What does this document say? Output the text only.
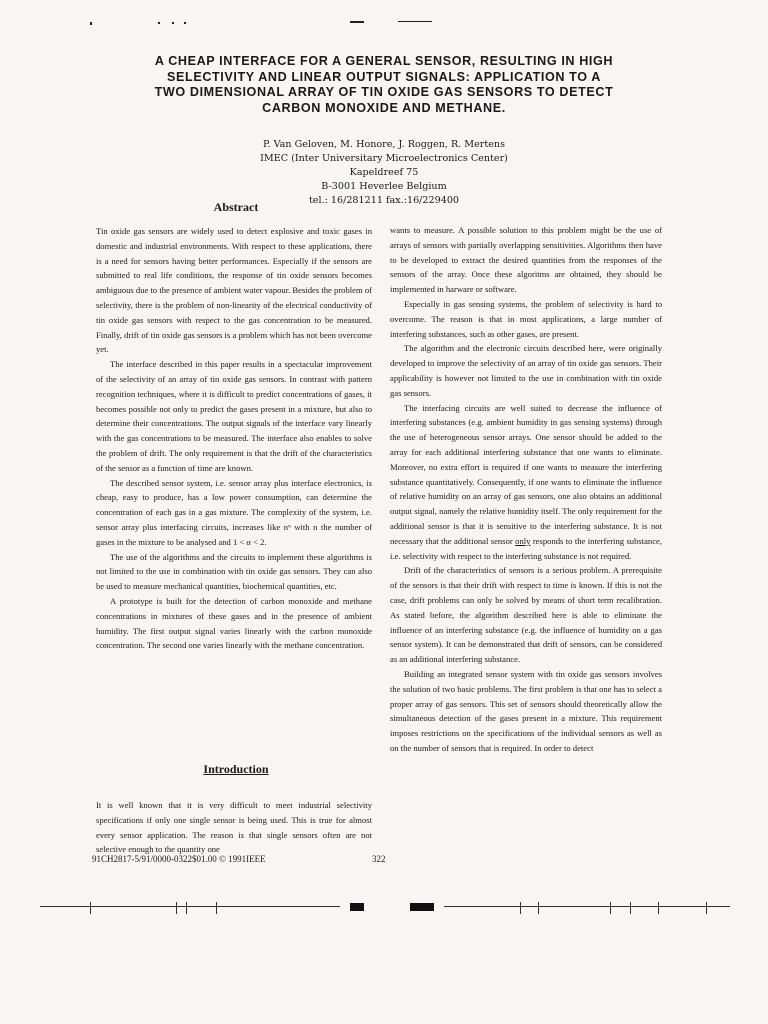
A CHEAP INTERFACE FOR A GENERAL SENSOR, RESULTING IN HIGH SELECTIVITY AND LINEAR OUTPUT SIGNALS: APPLICATION TO A TWO DIMENSIONAL ARRAY OF TIN OXIDE GAS SENSORS TO DETECT CARBON MONOXIDE AND METHANE.
P. Van Geloven, M. Honore, J. Roggen, R. Mertens
IMEC (Inter Universitary Microelectronics Center)
Kapeldreef 75
B-3001 Heverlee Belgium
tel.: 16/281211 fax.:16/229400
Abstract

Tin oxide gas sensors are widely used to detect explosive and toxic gases in domestic and industrial environments. With respect to these applications, there is a need for sensors having better performances. Especially if the sensors are submitted to real life conditions, the response of tin oxide sensors becomes ambiguous due to the presence of ambient water vapour. Besides the problem of selectivity, there is the problem of non-linearity of the electrical conductivity of tin oxide gas sensors with respect to the gas concentration to be measured. Finally, drift of tin oxide gas sensors is a problem which has not been overcome yet.

The interface described in this paper results in a spectacular improvement of the selectivity of an array of tin oxide gas sensors. In contrast with pattern recognition techniques, where it is difficult to predict concentrations of gases, it becomes possible not only to predict the gases present in a mixture, but also to determine their concentrations. The output signals of the interface vary linearly with the gas concentrations to be measured. The interface also enables to solve the problem of drift. The only requirement is that the drift of the characteristics of the sensor as a function of time are known.

The described sensor system, i.e. sensor array plus interface electronics, is cheap, easy to produce, has a low power consumption, can determine the concentration of each gas in a gas mixture. The complexity of the system, i.e. sensor array plus interfacing circuits, increases like nᵅ with n the number of gases in the mixture to be analysed and 1 < α < 2.

The use of the algorithms and the circuits to implement these algorithms is not limited to the use in combination with tin oxide gas sensors. They can also be used to measure mechanical quantities, biochemical quantities, etc.

A prototype is built for the detection of carbon monoxide and methane concentrations in mixtures of these gases and in the presence of ambient humidity. The first output signal varies linearly with the carbon monoxide concentration. The second one varies linearly with the methane concentration.

Introduction

It is well known that it is very difficult to meet industrial selectivity specifications if only one single sensor is being used. This is true for almost every sensor application. The reason is that single sensors often are not selective enough to the quantity one

wants to measure. A possible solution to this problem might be the use of arrays of sensors with partially overlapping sensitivities. Algorithms then have to be developed to extract the desired quantities from the responses of the sensors of the array. Once these algoritms are obtained, they should be implemented in harware or software.

Especially in gas sensing systems, the problem of selectivity is hard to overcome. The reason is that in most applications, a large number of interfering substances, such as other gases, are present.

The algorithm and the electronic circuits described here, were originally developed to improve the selectivity of an array of tin oxide gas sensors. Their applicability is however not limited to the use in combination with tin oxide gas sensors.

The interfacing circuits are well suited to decrease the influence of interfering substances (e.g. ambient humidity in gas sensing systems) through the use of heterogeneous sensor arrays. One sensor should be added to the array for each additional interfering substance that one wants to eliminate. Moreover, no extra effort is required if one wants to measure the interfering substance quantitatively. Consequently, if one wants to eliminate the influence of relative humidity on an array of gas sensors, one also obtains an additional output signal, namely the relative humidity itself. The only requirement for the additional sensor is that it is sensitive to the interfering substance. It is not necessary that the additional sensor only responds to the interfering substance, i.e. selectivity with respect to the interfering substance is not required.

Drift of the characteristics of sensors is a serious problem. A prerequisite of the sensors is that their drift with respect to time is known. If this is not the case, drift problems can only be solved by means of short term recalibration. As stated before, the algorithm described here is able to eliminate the influence of an interfering substance (e.g. the influence of humidity on a gas sensor system). It can be demonstrated that drift of sensors, can be considered as an additional interfering substance.

Building an integrated sensor system with tin oxide gas sensors involves the solution of two basic problems. The first problem is that one has to select a proper array of gas sensors. This set of sensors should theoretically allow the simultaneous detection of the gases present in a mixture. This requirement imposes restrictions on the specifications of the individual sensors as well as on the number of sensors that is required. In order to detect

91CH2817-5/91/0000-0322$01.00 © 1991IEEE	322
